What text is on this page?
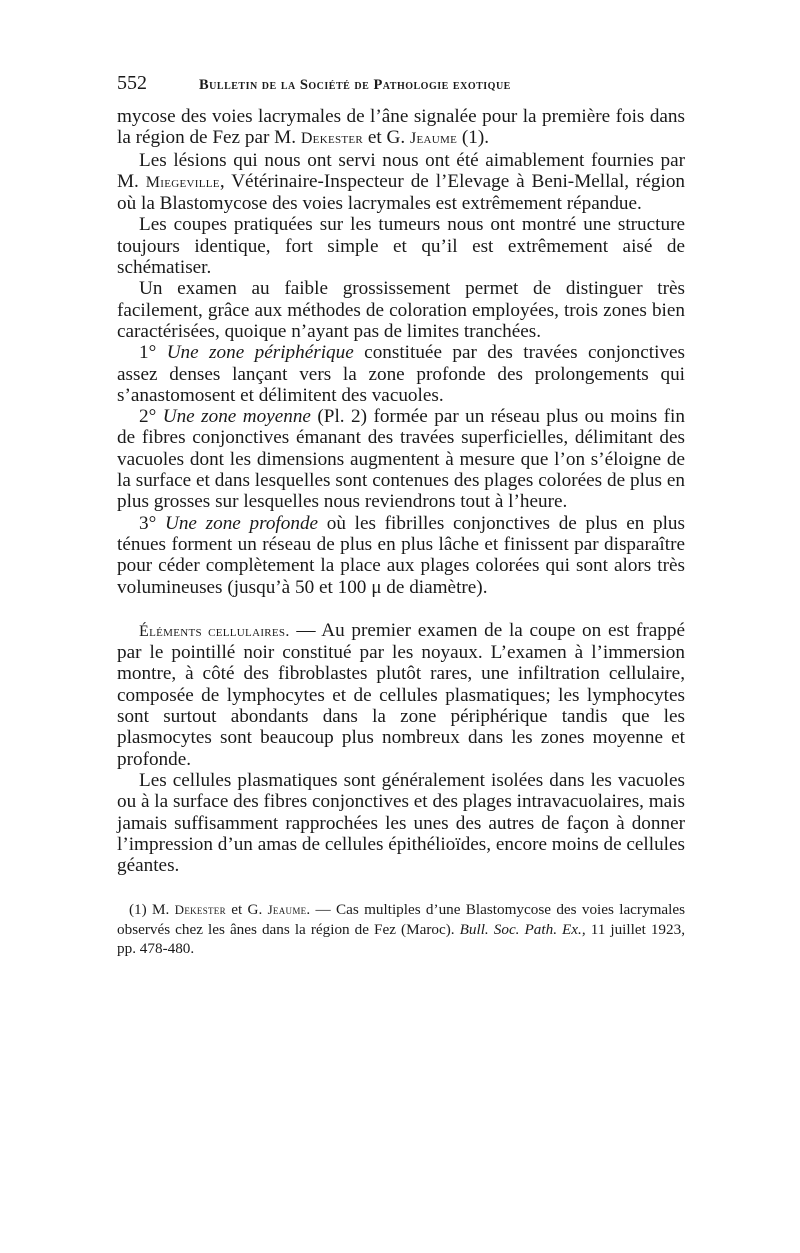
552	Bulletin de la Société de Pathologie exotique

mycose des voies lacrymales de l’âne signalée pour la première fois dans la région de Fez par M. Dekester et G. Jeaume (1).

Les lésions qui nous ont servi nous ont été aimablement fournies par M. Miegeville, Vétérinaire-Inspecteur de l’Elevage à Beni-Mellal, région où la Blastomycose des voies lacrymales est extrêmement répandue.

Les coupes pratiquées sur les tumeurs nous ont montré une structure toujours identique, fort simple et qu’il est extrêmement aisé de schématiser.

Un examen au faible grossissement permet de distinguer très facilement, grâce aux méthodes de coloration employées, trois zones bien caractérisées, quoique n’ayant pas de limites tranchées.

1° Une zone périphérique constituée par des travées conjonctives assez denses lançant vers la zone profonde des prolongements qui s’anastomosent et délimitent des vacuoles.

2° Une zone moyenne (Pl. 2) formée par un réseau plus ou moins fin de fibres conjonctives émanant des travées superficielles, délimitant des vacuoles dont les dimensions augmentent à mesure que l’on s’éloigne de la surface et dans lesquelles sont contenues des plages colorées de plus en plus grosses sur lesquelles nous reviendrons tout à l’heure.

3° Une zone profonde où les fibrilles conjonctives de plus en plus ténues forment un réseau de plus en plus lâche et finissent par disparaître pour céder complètement la place aux plages colorées qui sont alors très volumineuses (jusqu’à 50 et 100 μ de diamètre).

Éléments cellulaires. — Au premier examen de la coupe on est frappé par le pointillé noir constitué par les noyaux. L’examen à l’immersion montre, à côté des fibroblastes plutôt rares, une infiltration cellulaire, composée de lymphocytes et de cellules plasmatiques; les lymphocytes sont surtout abondants dans la zone périphérique tandis que les plasmocytes sont beaucoup plus nombreux dans les zones moyenne et profonde.

Les cellules plasmatiques sont généralement isolées dans les vacuoles ou à la surface des fibres conjonctives et des plages intravacuolaires, mais jamais suffisamment rapprochées les unes des autres de façon à donner l’impression d’un amas de cellules épithélioïdes, encore moins de cellules géantes.

(1) M. Dekester et G. Jeaume. — Cas multiples d’une Blastomycose des voies lacrymales observés chez les ânes dans la région de Fez (Maroc). Bull. Soc. Path. Ex., 11 juillet 1923, pp. 478-480.
